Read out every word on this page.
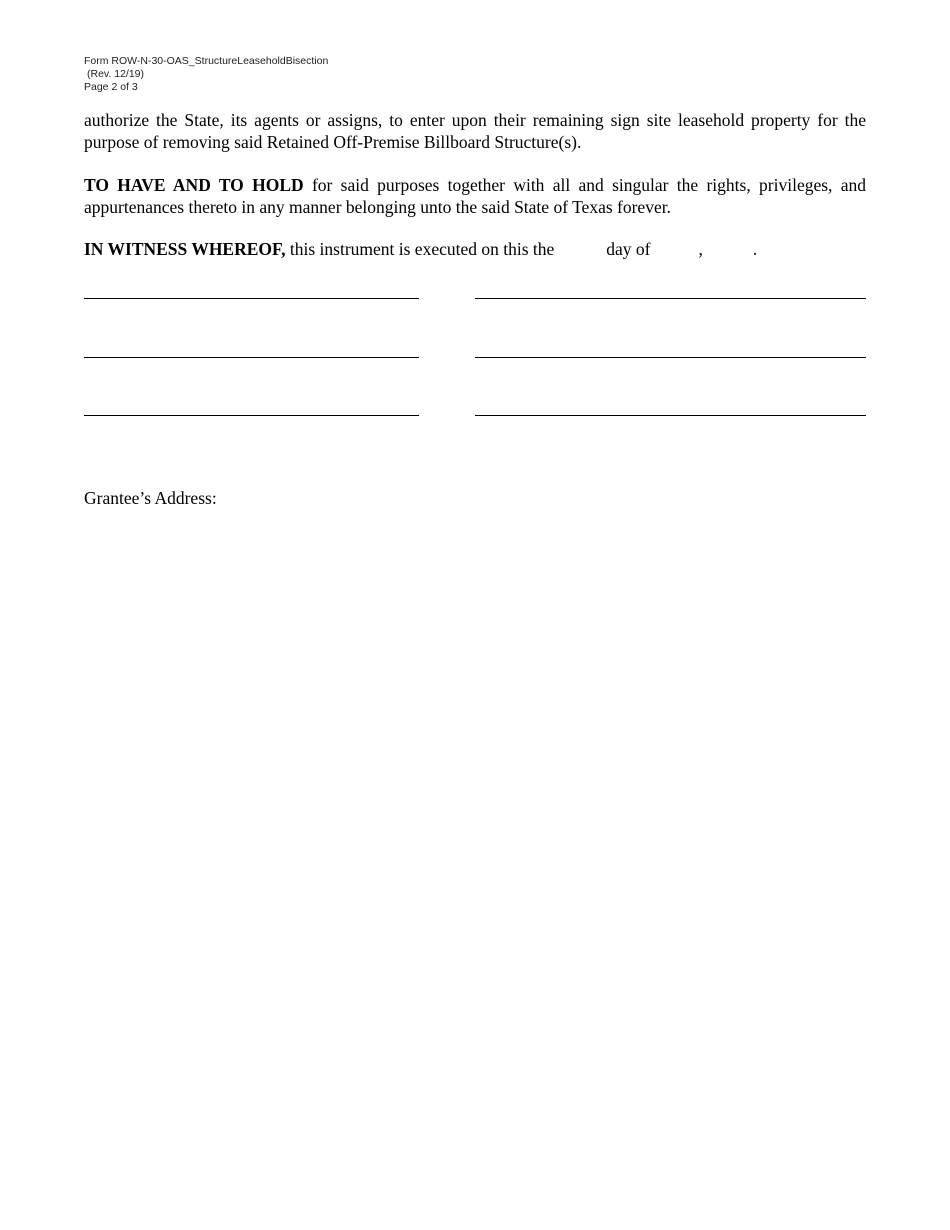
Form ROW-N-30-OAS_StructureLeaseholdBisection
(Rev. 12/19)
Page 2 of 3
authorize the State, its agents or assigns, to enter upon their remaining sign site leasehold property for the purpose of removing said Retained Off-Premise Billboard Structure(s).
TO HAVE AND TO HOLD for said purposes together with all and singular the rights, privileges, and appurtenances thereto in any manner belonging unto the said State of Texas forever.
IN WITNESS WHEREOF, this instrument is executed on this the	day of	,	.
Grantee’s Address:
